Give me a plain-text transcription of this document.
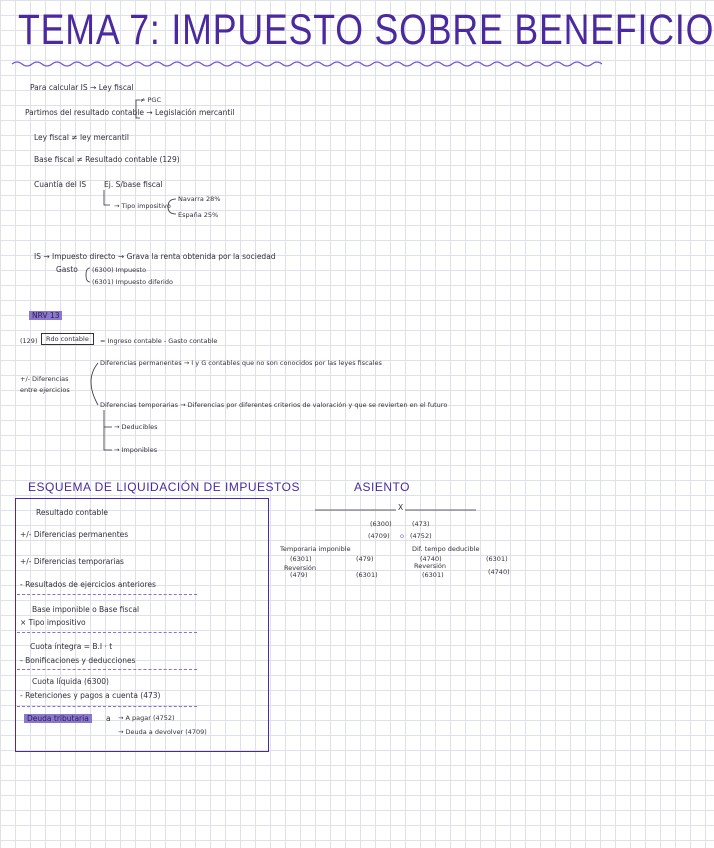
TEMA 7: IMPUESTO SOBRE BENEFICIO
Para calcular IS → Ley fiscal
≠ PGC
Partimos del resultado contable → Legislación mercantil
Ley fiscal ≠ ley mercantil
Base fiscal ≠ Resultado contable (129)
Cuantía del IS Ej. S/base fiscal
→ Tipo impositivo
Navarra 28%
España 25%
IS → Impuesto directo → Grava la renta obtenida por la sociedad
Gasto (6300) Impuesto
(6301) Impuesto diferido
NRV 13
(129)	Rdo contable	= Ingreso contable - Gasto contable
+/- Diferencias entre ejercicios
Diferencias permanentes → I y G contables que no son conocidos por las leyes fiscales
Diferencias temporarias → Diferencias por diferentes criterios de valoración y que se revierten en el futuro
→ Deducibles
→ Imponibles
ESQUEMA DE LIQUIDACIÓN DE IMPUESTOS
Resultado contable
+/- Diferencias permanentes
+/- Diferencias temporarias
- Resultados de ejercicios anteriores
Base imponible o Base fiscal
× Tipo impositivo
Cuota íntegra = B.I · t
- Bonificaciones y deducciones
Cuota líquida (6300)
- Retenciones y pagos a cuenta (473)
Deuda tributaria	a → A pagar (4752)
→ Deuda a devolver (4709)
ASIENTO
X
(6300)	(473)
(4709) o (4752)
Temporaria imponible
(6301)	(479)
Reversión
(479)	(6301)
Dif. tempo deducible
(4740)	(6301)
Reversión
(6301)	(4740)
